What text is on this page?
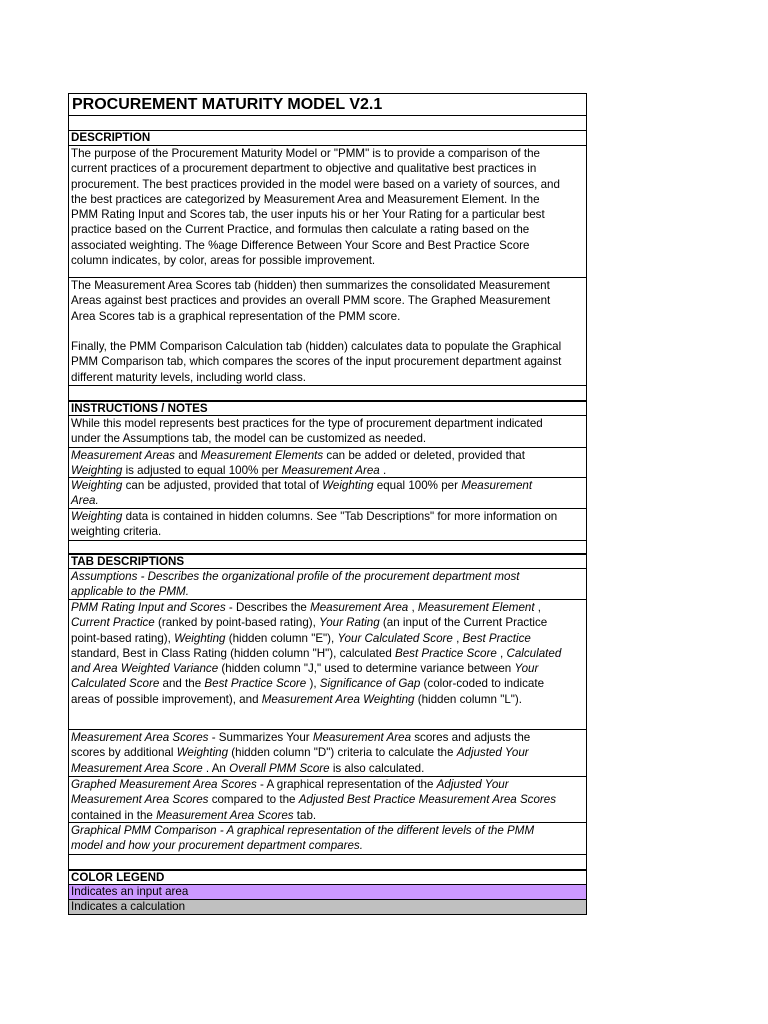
PROCUREMENT MATURITY MODEL V2.1
DESCRIPTION
The purpose of the Procurement Maturity Model or "PMM" is to provide a comparison of the
current practices of a procurement department to objective and qualitative best practices in
procurement. The best practices provided in the model were based on a variety of sources, and
the best practices are categorized by Measurement Area and Measurement Element. In the
PMM Rating Input and Scores tab, the user inputs his or her Your Rating for a particular best
practice based on the Current Practice, and formulas then calculate a rating based on the
associated weighting. The %age Difference Between Your Score and Best Practice Score
column indicates, by color, areas for possible improvement.
The Measurement Area Scores tab (hidden) then summarizes the consolidated Measurement
Areas against best practices and provides an overall PMM score. The Graphed Measurement
Area Scores tab is a graphical representation of the PMM score.
Finally, the PMM Comparison Calculation tab (hidden) calculates data to populate the Graphical
PMM Comparison tab, which compares the scores of the input procurement department against
different maturity levels, including world class.
INSTRUCTIONS / NOTES
While this model represents best practices for the type of procurement department indicated
under the Assumptions tab, the model can be customized as needed.
Measurement Areas and Measurement Elements can be added or deleted, provided that
Weighting is adjusted to equal 100% per Measurement Area .
Weighting can be adjusted, provided that total of Weighting equal 100% per Measurement
Area.
Weighting data is contained in hidden columns. See "Tab Descriptions" for more information on
weighting criteria.
TAB DESCRIPTIONS
Assumptions - Describes the organizational profile of the procurement department most
applicable to the PMM.
PMM Rating Input and Scores - Describes the Measurement Area , Measurement Element ,
Current Practice (ranked by point-based rating), Your Rating (an input of the Current Practice
point-based rating), Weighting (hidden column "E"), Your Calculated Score , Best Practice
standard, Best in Class Rating (hidden column "H"), calculated Best Practice Score , Calculated
and Area Weighted Variance (hidden column "J," used to determine variance between Your
Calculated Score and the Best Practice Score ), Significance of Gap (color-coded to indicate
areas of possible improvement), and Measurement Area Weighting (hidden column "L").
Measurement Area Scores - Summarizes Your Measurement Area scores and adjusts the
scores by additional Weighting (hidden column "D") criteria to calculate the Adjusted Your
Measurement Area Score . An Overall PMM Score is also calculated.
Graphed Measurement Area Scores - A graphical representation of the Adjusted Your
Measurement Area Scores compared to the Adjusted Best Practice Measurement Area Scores
contained in the Measurement Area Scores tab.
Graphical PMM Comparison - A graphical representation of the different levels of the PMM
model and how your procurement department compares.
COLOR LEGEND
Indicates an input area
Indicates a calculation
